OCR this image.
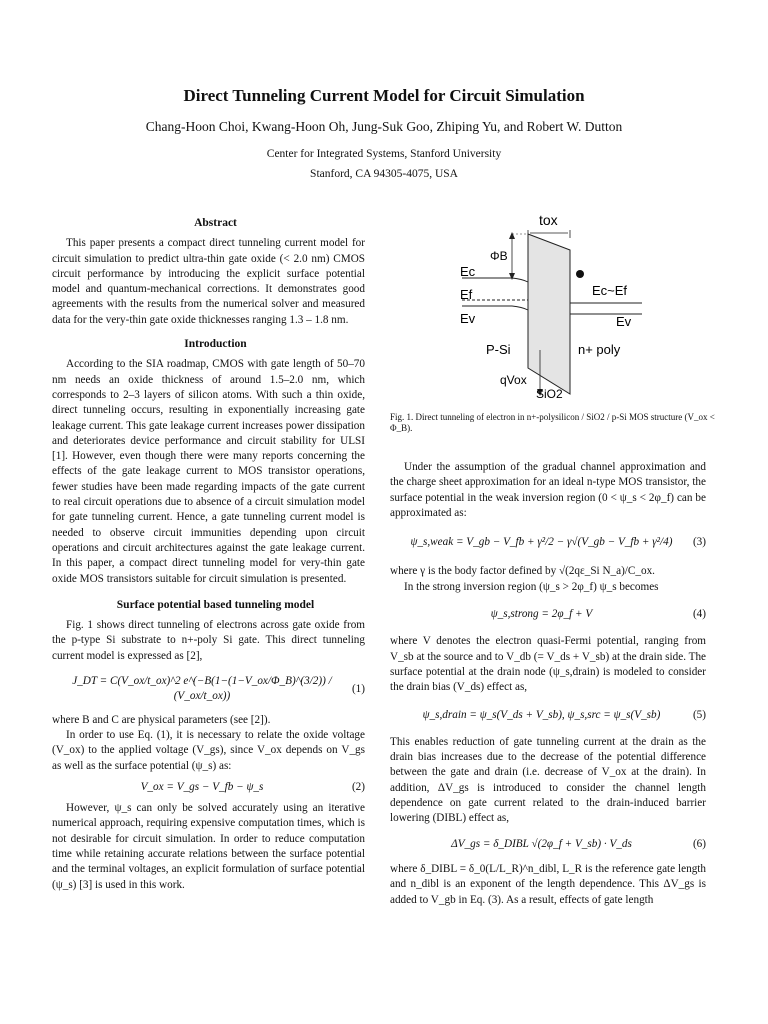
Direct Tunneling Current Model for Circuit Simulation
Chang-Hoon Choi, Kwang-Hoon Oh, Jung-Suk Goo, Zhiping Yu, and Robert W. Dutton
Center for Integrated Systems, Stanford University
Stanford, CA 94305-4075, USA

Abstract

This paper presents a compact direct tunneling current model for circuit simulation to predict ultra-thin gate oxide (< 2.0 nm) CMOS circuit performance by introducing the explicit surface potential model and quantum-mechanical corrections. It demonstrates good agreements with the results from the numerical solver and measured data for the very-thin gate oxide thicknesses ranging 1.3 – 1.8 nm.

Introduction

According to the SIA roadmap, CMOS with gate length of 50–70 nm needs an oxide thickness of around 1.5–2.0 nm, which corresponds to 2–3 layers of silicon atoms. With such a thin oxide, direct tunneling occurs, resulting in exponentially increasing gate leakage current. This gate leakage current increases power dissipation and deteriorates device performance and circuit stability for ULSI [1]. However, even though there were many reports concerning the effects of the gate leakage current to MOS transistor operations, fewer studies have been made regarding impacts of the gate current to real circuit operations due to absence of a circuit simulation model for gate tunneling current. Hence, a gate tunneling current model is needed to observe circuit immunities depending upon circuit operations and circuit architectures against the gate leakage current. In this paper, a compact direct tunneling model for very-thin gate oxide MOS transistors suitable for circuit simulation is presented.

Surface potential based tunneling model

Fig. 1 shows direct tunneling of electrons across gate oxide from the p-type Si substrate to n+-poly Si gate. This direct tunneling current model is expressed as [2],

J_DT = C(V_ox/t_ox)^2 e^(−B(1−(1−V_ox/Φ_B)^(3/2)) / (V_ox/t_ox))
(1)

where B and C are physical parameters (see [2]).

In order to use Eq. (1), it is necessary to relate the oxide voltage (V_ox) to the applied voltage (V_gs), since V_ox depends on V_gs as well as the surface potential (ψ_s) as:

V_ox = V_gs − V_fb − ψ_s	(2)

However, ψ_s can only be solved accurately using an iterative numerical approach, requiring expensive computation times, which is not desirable for circuit simulation. In order to reduce computation time while retaining accurate relations between the surface potential and the terminal voltages, an explicit formulation of surface potential (ψ_s) [3] is used in this work.

tox
ΦB
Ec
Ef
Ev
Ec~Ef
Ev
P-Si	n+ poly
qVox
SiO2
Fig. 1. Direct tunneling of electron in n+-polysilicon / SiO2 / p-Si MOS structure (V_ox < Φ_B).

Under the assumption of the gradual channel approximation and the charge sheet approximation for an ideal n-type MOS transistor, the surface potential in the weak inversion region (0 < ψ_s < 2φ_f) can be approximated as:

ψ_s,weak = V_gb − V_fb + γ²/2 − γ√(V_gb − V_fb + γ²/4)	(3)

where γ is the body factor defined by √(2qε_Si N_a)/C_ox.

In the strong inversion region (ψ_s > 2φ_f) ψ_s becomes

ψ_s,strong = 2φ_f + V	(4)

where V denotes the electron quasi-Fermi potential, ranging from V_sb at the source and to V_db (= V_ds + V_sb) at the drain side. The surface potential at the drain node (ψ_s,drain) is modeled to consider the drain bias (V_ds) effect as,

ψ_s,drain = ψ_s(V_ds + V_sb), ψ_s,src = ψ_s(V_sb)	(5)

This enables reduction of gate tunneling current at the drain as the drain bias increases due to the decrease of the potential difference between the gate and drain (i.e. decrease of V_ox at the drain). In addition, ΔV_gs is introduced to consider the channel length dependence on gate current related to the drain-induced barrier lowering (DIBL) effect as,

ΔV_gs = δ_DIBL √(2φ_f + V_sb) · V_ds	(6)

where δ_DIBL = δ_0(L/L_R)^n_dibl, L_R is the reference gate length and n_dibl is an exponent of the length dependence. This ΔV_gs is added to V_gb in Eq. (3). As a result, effects of gate length
